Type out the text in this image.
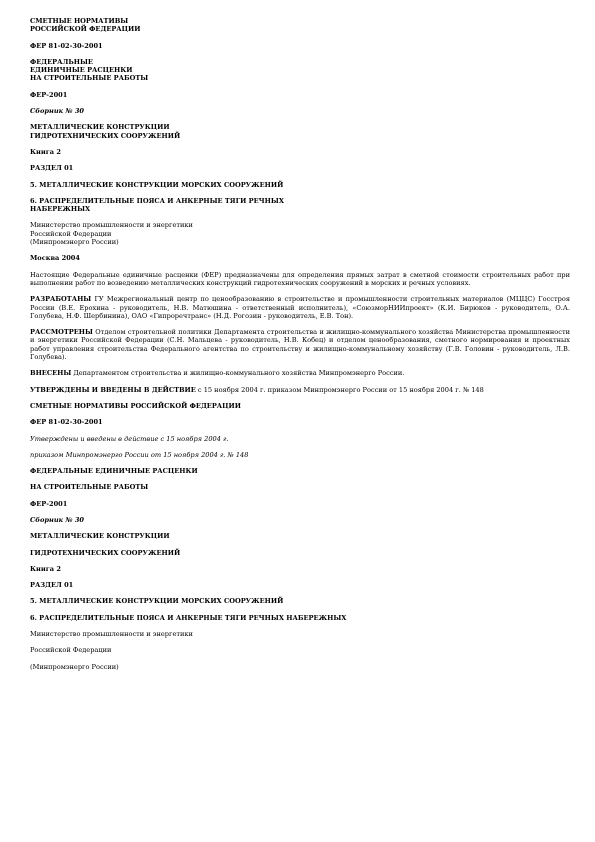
СМЕТНЫЕ НОРМАТИВЫ
РОССИЙСКОЙ ФЕДЕРАЦИИ
ФЕР 81-02-30-2001
ФЕДЕРАЛЬНЫЕ
ЕДИНИЧНЫЕ РАСЦЕНКИ
НА СТРОИТЕЛЬНЫЕ РАБОТЫ
ФЕР-2001
Сборник № 30
МЕТАЛЛИЧЕСКИЕ КОНСТРУКЦИИ
ГИДРОТЕХНИЧЕСКИХ СООРУЖЕНИЙ
Книга 2
РАЗДЕЛ 01
5. МЕТАЛЛИЧЕСКИЕ КОНСТРУКЦИИ МОРСКИХ СООРУЖЕНИЙ
6. РАСПРЕДЕЛИТЕЛЬНЫЕ ПОЯСА И АНКЕРНЫЕ ТЯГИ РЕЧНЫХ
НАБЕРЕЖНЫХ
Министерство промышленности и энергетики
Российской Федерации
(Минпромэнерго России)
Москва 2004

Настоящие Федеральные единичные расценки (ФЕР) предназначены для определения прямых затрат в сметной стоимости строительных работ при выполнении работ по возведению металлических конструкций гидротехнических сооружений в морских и речных условиях.

РАЗРАБОТАНЫ ГУ Межрегиональный центр по ценообразованию в строительстве и промышленности строительных материалов (МЦЦС) Госстроя России (В.Е. Ерохина - руководитель, Н.В. Матюшина - ответственный исполнитель), «СоюзморНИИпроект» (К.И. Бирюков - руководитель, О.А. Голубева, Н.Ф. Шербинина), ОАО «Гипроречтранс» (Н.Д. Рогозин - руководитель, Е.В. Тон).

РАССМОТРЕНЫ Отделом строительной политики Департамента строительства и жилищно-коммунального хозяйства Министерства промышленности и энергетики Российской Федерации (С.Н. Мальцева - руководитель, Н.В. Кобец) и отделом ценообразования, сметного нормирования и проектных работ управления строительства Федерального агентства по строительству и жилищно-коммунальному хозяйству (Г.В. Головин - руководитель, Л.В. Голубева).

ВНЕСЕНЫ Департаментом строительства и жилищно-коммунального хозяйства Минпромэнерго России.

УТВЕРЖДЕНЫ И ВВЕДЕНЫ В ДЕЙСТВИЕ с 15 ноября 2004 г. приказом Минпромэнерго России от 15 ноября 2004 г. № 148

СМЕТНЫЕ НОРМАТИВЫ РОССИЙСКОЙ ФЕДЕРАЦИИ
ФЕР 81-02-30-2001
Утверждены и введены в действие с 15 ноября 2004 г.
приказом Минпромэнерго России от 15 ноября 2004 г. № 148
ФЕДЕРАЛЬНЫЕ ЕДИНИЧНЫЕ РАСЦЕНКИ
НА СТРОИТЕЛЬНЫЕ РАБОТЫ
ФЕР-2001
Сборник № 30
МЕТАЛЛИЧЕСКИЕ КОНСТРУКЦИИ
ГИДРОТЕХНИЧЕСКИХ СООРУЖЕНИЙ
Книга 2
РАЗДЕЛ 01
5. МЕТАЛЛИЧЕСКИЕ КОНСТРУКЦИИ МОРСКИХ СООРУЖЕНИЙ
6. РАСПРЕДЕЛИТЕЛЬНЫЕ ПОЯСА И АНКЕРНЫЕ ТЯГИ РЕЧНЫХ НАБЕРЕЖНЫХ
Министерство промышленности и энергетики
Российской Федерации
(Минпромэнерго России)
